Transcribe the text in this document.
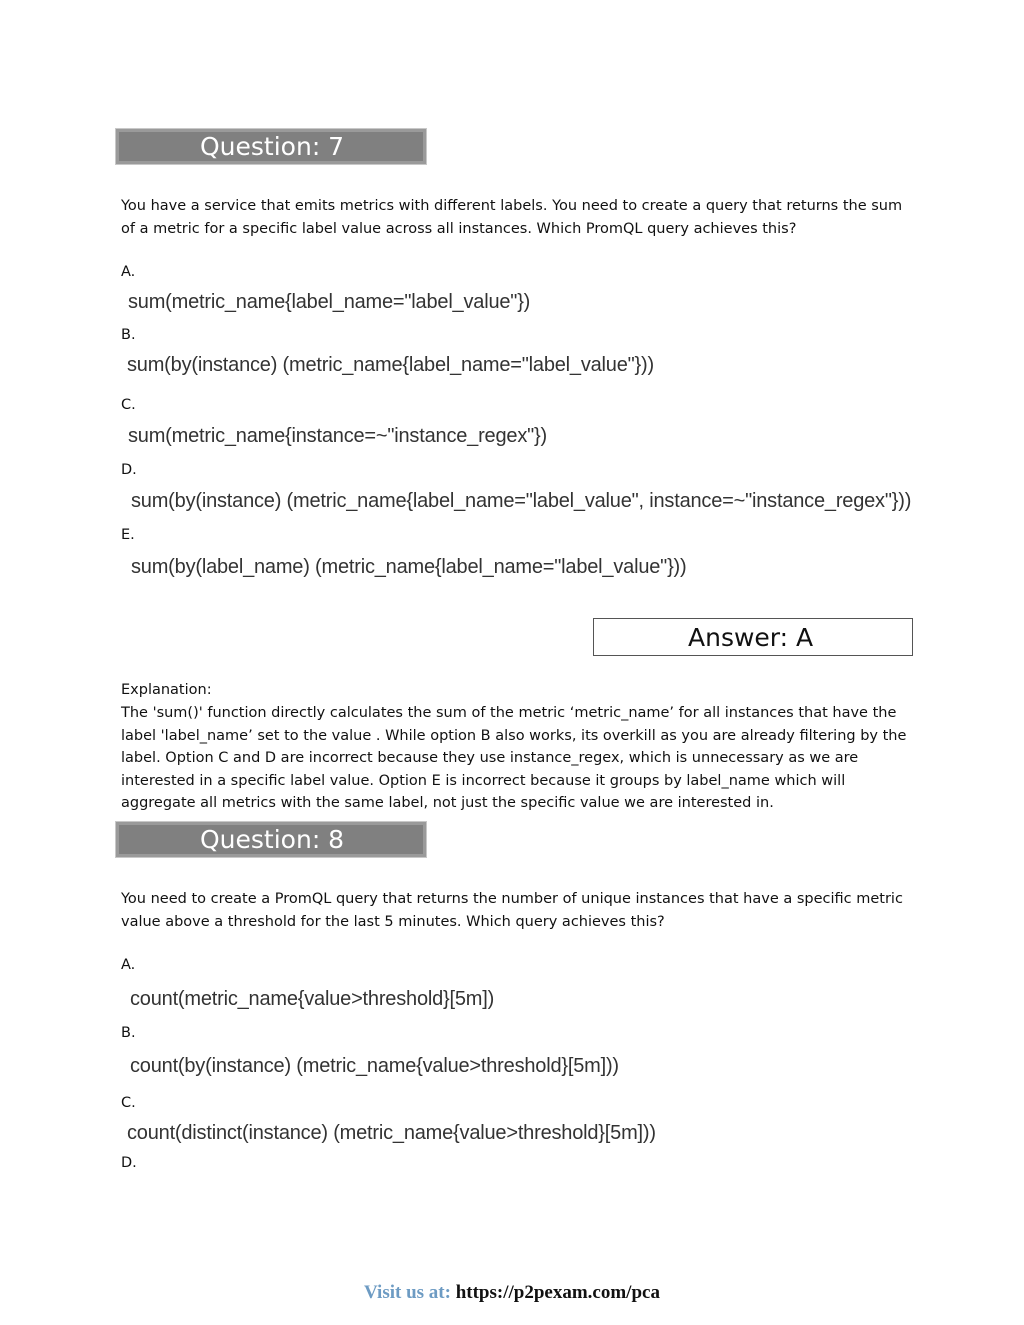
Question: 7
You have a service that emits metrics with different labels. You need to create a query that returns the sum of a metric for a specific label value across all instances. Which PromQL query achieves this?
A.
sum(metric_name{label_name="label_value"})
B.
sum(by(instance) (metric_name{label_name="label_value"}))
C.
sum(metric_name{instance=~"instance_regex"})
D.
sum(by(instance) (metric_name{label_name="label_value", instance=~"instance_regex"}))
E.
sum(by(label_name) (metric_name{label_name="label_value"}))
Answer: A
Explanation:
The 'sum()' function directly calculates the sum of the metric ‘metric_name’ for all instances that have the label 'label_name’ set to the value . While option B also works, its overkill as you are already filtering by the label. Option C and D are incorrect because they use instance_regex, which is unnecessary as we are interested in a specific label value. Option E is incorrect because it groups by label_name which will aggregate all metrics with the same label, not just the specific value we are interested in.
Question: 8
You need to create a PromQL query that returns the number of unique instances that have a specific metric value above a threshold for the last 5 minutes. Which query achieves this?
A.
count(metric_name{value>threshold}[5m])
B.
count(by(instance) (metric_name{value>threshold}[5m]))
C.
count(distinct(instance) (metric_name{value>threshold}[5m]))
D.
Visit us at: https://p2pexam.com/pca
